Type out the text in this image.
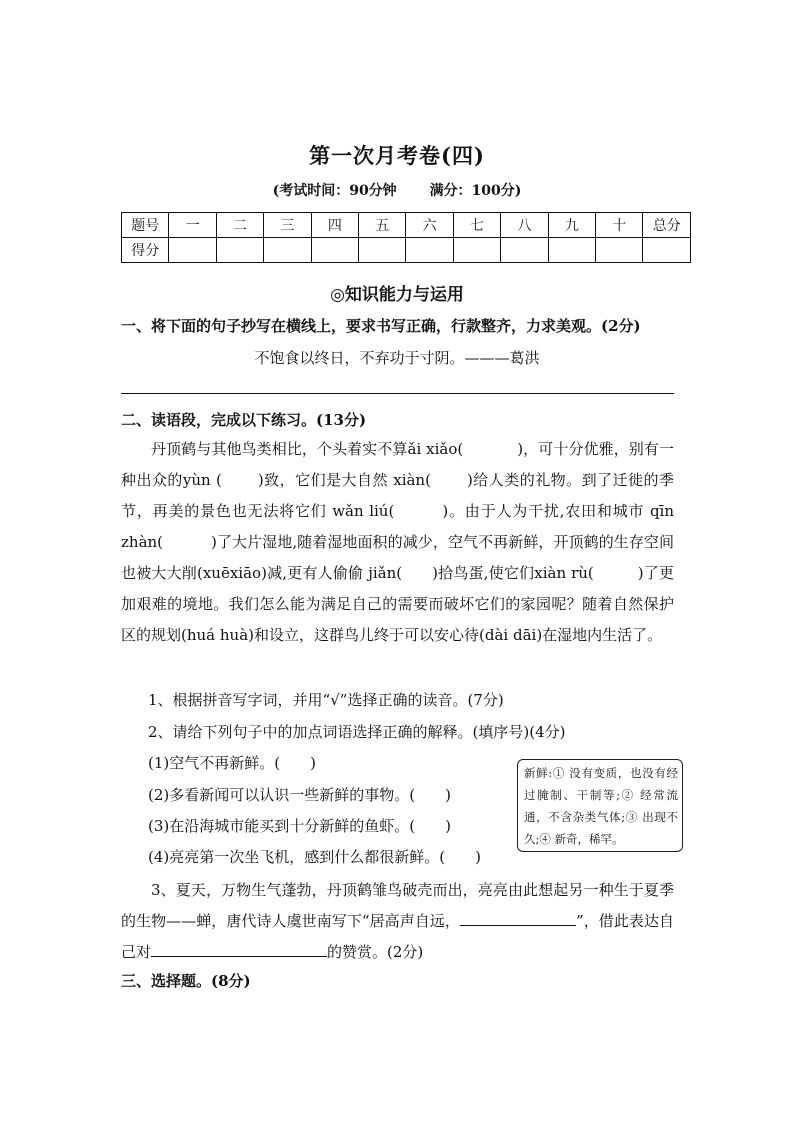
第一次月考卷(四)
(考试时间：90分钟 满分：100分)
题号	一	二	三	四	五	六	七	八	九	十	总分
得分											
◎知识能力与运用
一、将下面的句子抄写在横线上，要求书写正确，行款整齐，力求美观。(2分)
不饱食以终日，不弃功于寸阴。———葛洪
二、读语段，完成以下练习。(13分)

丹顶鹤与其他鸟类相比，个头着实不算ǎi xiǎo(	)，可十分优雅，别有一种出众的yùn ( )致，它们是大自然 xiàn( )给人类的礼物。到了迁徙的季节，再美的景色也无法将它们 wǎn liú(	)。由于人为干扰,农田和城市 qīn zhàn(	)了大片湿地,随着湿地面积的减少，空气不再新鲜，开顶鹤的生存空间也被大大削(xuēxiāo)减,更有人偷偷 jiǎn( )拾鸟蛋,使它们xiàn rù(	)了更加艰难的境地。我们怎么能为满足自己的需要而破坏它们的家园呢？随着自然保护区的规划(huá huà)和设立，这群鸟儿终于可以安心待(dài dāi)在湿地内生活了。

1、根据拼音写字词，并用“√”选择正确的读音。(7分)
2、请给下列句子中的加点词语选择正确的解释。(填序号)(4分)
(1)空气不再新鲜。(　　)
(2)多看新闻可以认识一些新鲜的事物。(　　)
(3)在沿海城市能买到十分新鲜的鱼虾。(　　)
(4)亮亮第一次坐飞机，感到什么都很新鲜。(　　)
新鲜:① 没有变质，也没有经过腌制、干制等;② 经常流通，不含杂类气体;③ 出现不久;④ 新奇，稀罕。

3、夏天，万物生气蓬勃，丹顶鹤雏鸟破壳而出，亮亮由此想起另一种生于夏季的生物——蝉，唐代诗人虞世南写下“居高声自远，	”，借此表达自己对	的赞赏。(2分)

三、选择题。(8分)
